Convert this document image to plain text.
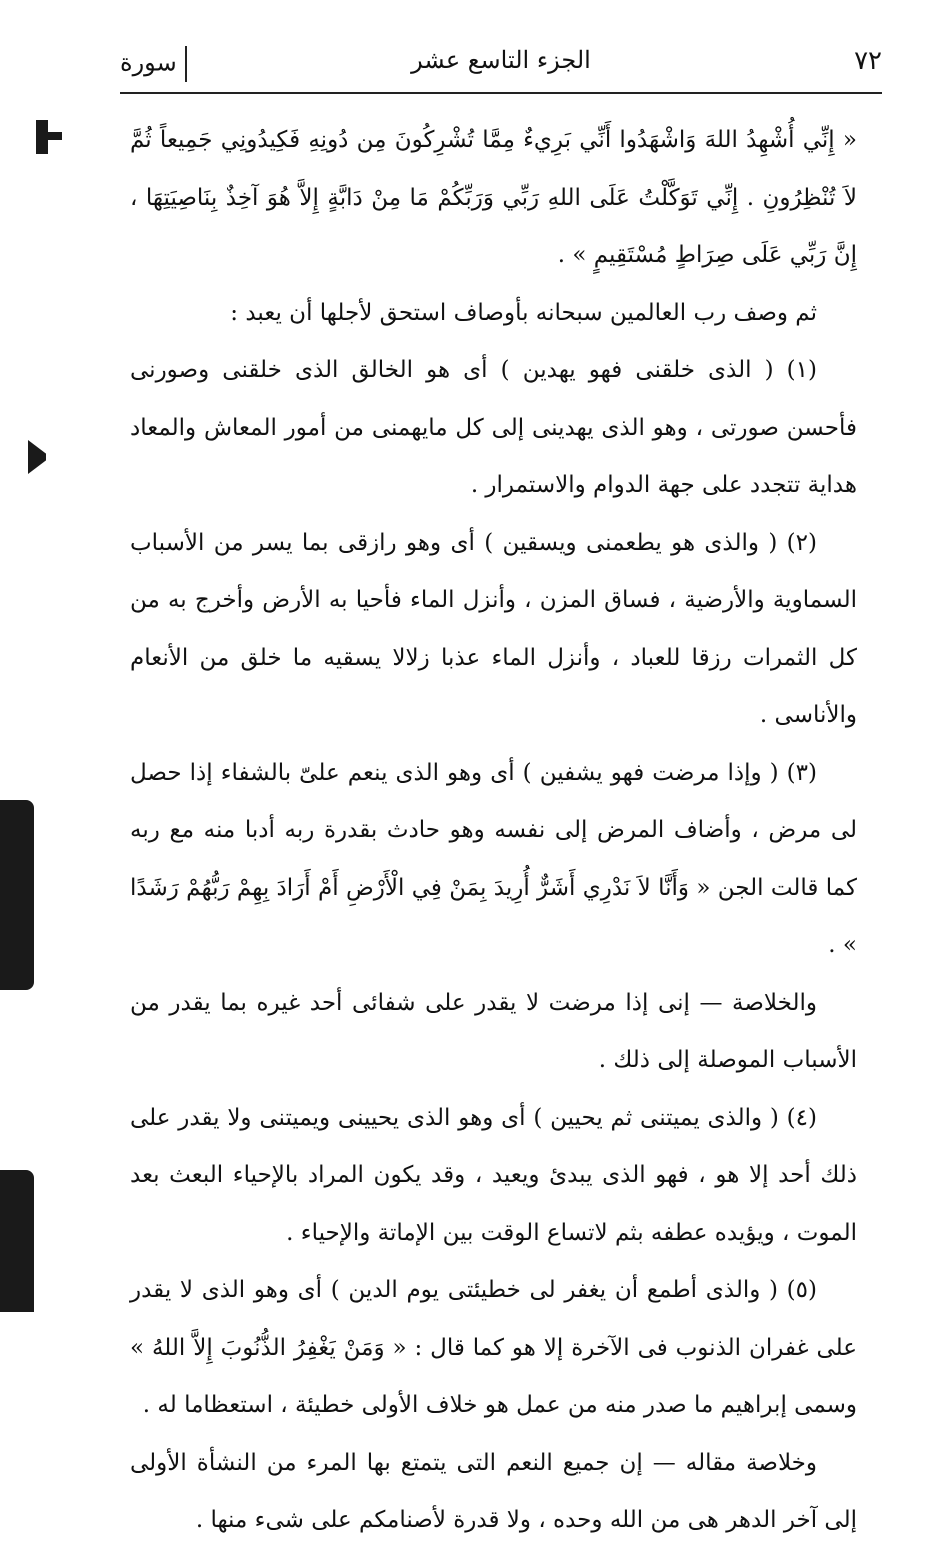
٧٢
الجزء التاسع عشر
سورة

« إِنِّي أُشْهِدُ اللهَ وَاشْهَدُوا أَنِّي بَرِيءٌ مِمَّا تُشْرِكُونَ مِن دُونِهِ فَكِيدُونِي جَمِيعاً ثُمَّ لاَ تُنْظِرُونِ . إِنِّي تَوَكَّلْتُ عَلَى اللهِ رَبِّي وَرَبِّكُمْ مَا مِنْ دَابَّةٍ إِلاَّ هُوَ آخِذٌ بِنَاصِيَتِهَا ، إِنَّ رَبِّي عَلَى صِرَاطٍ مُسْتَقِيمٍ » .

ثم وصف رب العالمين سبحانه بأوصاف استحق لأجلها أن يعبد :

(١) ( الذى خلقنى فهو يهدين ) أى هو الخالق الذى خلقنى وصورنى فأحسن صورتى ، وهو الذى يهدينى إلى كل مايهمنى من أمور المعاش والمعاد هداية تتجدد على جهة الدوام والاستمرار .

(٢) ( والذى هو يطعمنى ويسقين ) أى وهو رازقى بما يسر من الأسباب السماوية والأرضية ، فساق المزن ، وأنزل الماء فأحيا به الأرض وأخرج به من كل الثمرات رزقا للعباد ، وأنزل الماء عذبا زلالا يسقيه ما خلق من الأنعام والأناسى .

(٣) ( وإذا مرضت فهو يشفين ) أى وهو الذى ينعم علىّ بالشفاء إذا حصل لى مرض ، وأضاف المرض إلى نفسه وهو حادث بقدرة ربه أدبا منه مع ربه كما قالت الجن « وَأَنَّا لاَ نَدْرِي أَشَرٌّ أُرِيدَ بِمَنْ فِي الْأَرْضِ أَمْ أَرَادَ بِهِمْ رَبُّهُمْ رَشَدًا » .

والخلاصة — إنى إذا مرضت لا يقدر على شفائى أحد غيره بما يقدر من الأسباب الموصلة إلى ذلك .

(٤) ( والذى يميتنى ثم يحيين ) أى وهو الذى يحيينى ويميتنى ولا يقدر على ذلك أحد إلا هو ، فهو الذى يبدئ ويعيد ، وقد يكون المراد بالإحياء البعث بعد الموت ، ويؤيده عطفه بثم لاتساع الوقت بين الإماتة والإحياء .

(٥) ( والذى أطمع أن يغفر لى خطيئتى يوم الدين ) أى وهو الذى لا يقدر على غفران الذنوب فى الآخرة إلا هو كما قال : « وَمَنْ يَغْفِرُ الذُّنُوبَ إِلاَّ اللهُ » وسمى إبراهيم ما صدر منه من عمل هو خلاف الأولى خطيئة ، استعظاما له .

وخلاصة مقاله — إن جميع النعم التى يتمتع بها المرء من النشأة الأولى إلى آخر الدهر هى من الله وحده ، ولا قدرة لأصنامكم على شىء منها .
